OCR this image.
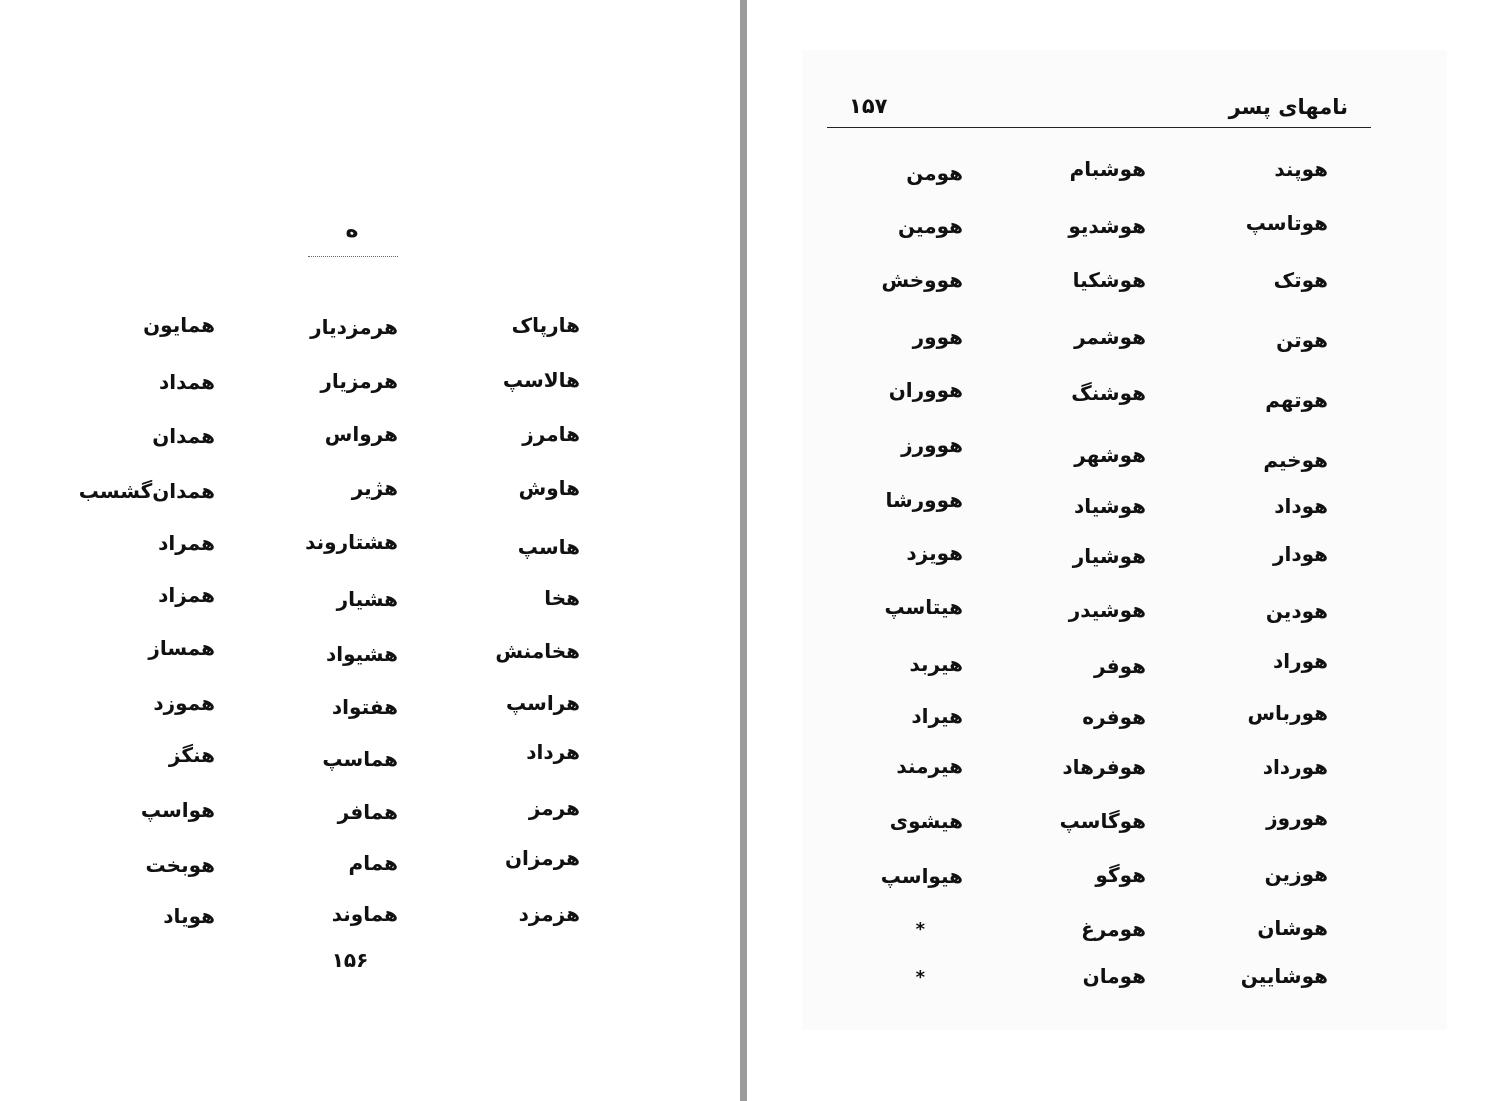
ه
هارپاک
هالاسپ
هامرز
هاوش
هاسپ
هخا
هخامنش
هراسپ
هرداد
هرمز
هرمزان
هزمزد
هرمزدیار
هرمزیار
هرواس
هژیر
هشتاروند
هشیار
هشیواد
هفتواد
هماسپ
همافر
همام
هماوند
همایون
همداد
همدان
همدان‌گشسب
همراد
همزاد
همساز
هموزد
هنگز
هواسپ
هوبخت
هویاد
۱۵۶
نامهای پسر
۱۵۷
هوپند
هوتاسپ
هوتک
هوتن
هوتهم
هوخیم
هوداد
هودار
هودین
هوراد
هورباس
هورداد
هوروز
هوزین
هوشان
هوشایین
هوشبام
هوشدیو
هوشکیا
هوشمر
هوشنگ
هوشهر
هوشیاد
هوشیار
هوشیدر
هوفر
هوفره
هوفرهاد
هوگاسپ
هوگو
هومرغ
هومان
هومن
هومین
هووخش
هوور
هووران
هوورز
هوورشا
هویزد
هیتاسپ
هیربد
هیراد
هیرمند
هیشوی
هیواسپ
*
*
